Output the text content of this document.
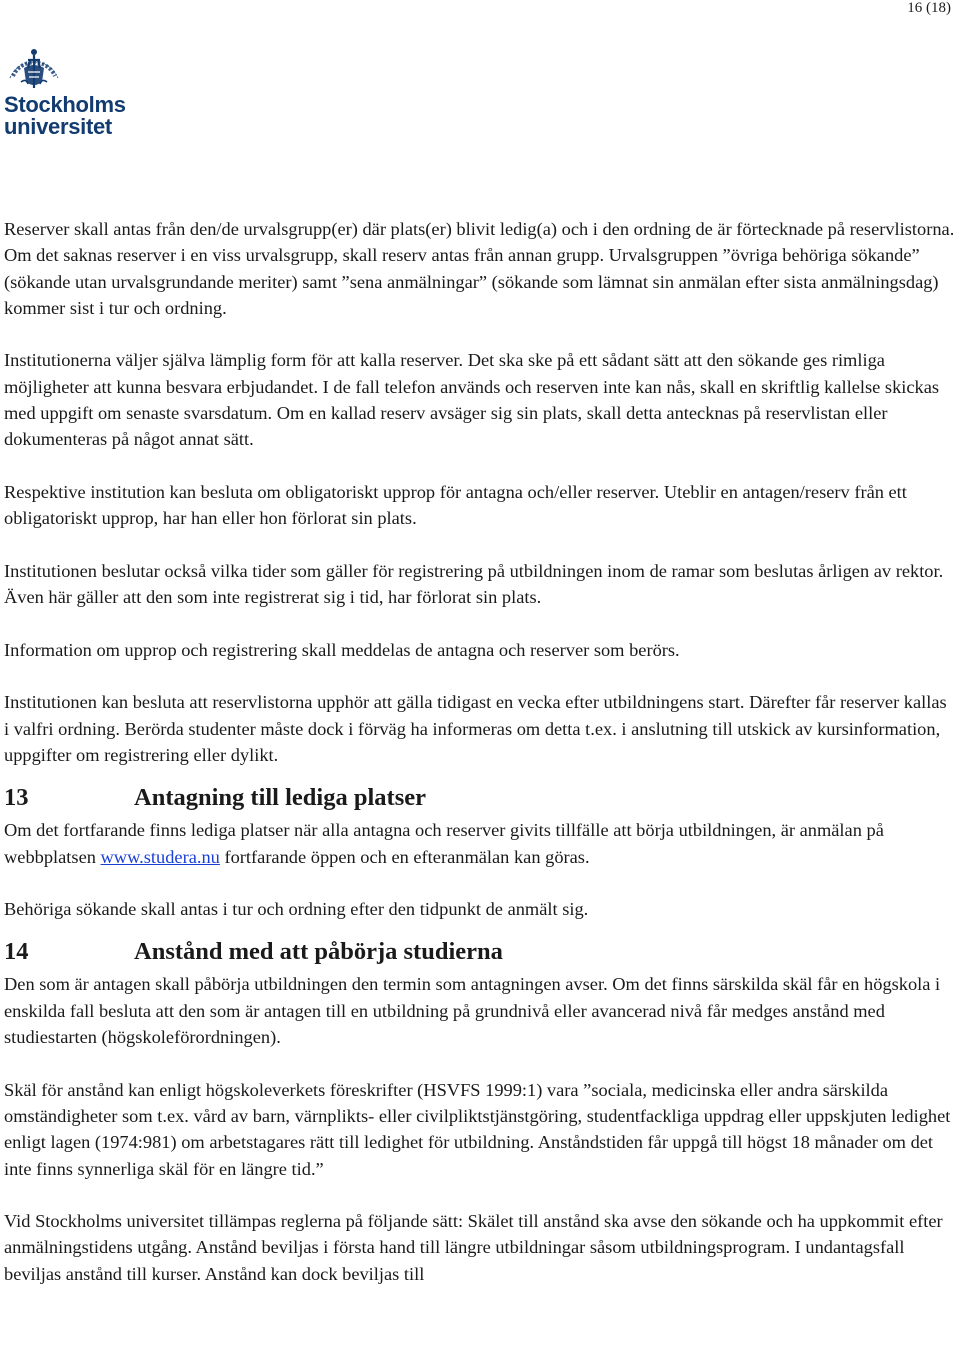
16 (18)
Stockholms
universitet

Reserver skall antas från den/de urvalsgrupp(er) där plats(er) blivit ledig(a) och i den ordning de är förtecknade på reservlistorna. Om det saknas reserver i en viss urvalsgrupp, skall reserv antas från annan grupp. Urvalsgruppen ”övriga behöriga sökande” (sökande utan urvalsgrundande meriter) samt ”sena anmälningar” (sökande som lämnat sin anmälan efter sista anmälningsdag) kommer sist i tur och ordning.

Institutionerna väljer själva lämplig form för att kalla reserver. Det ska ske på ett sådant sätt att den sökande ges rimliga möjligheter att kunna besvara erbjudandet. I de fall telefon används och reserven inte kan nås, skall en skriftlig kallelse skickas med uppgift om senaste svarsdatum. Om en kallad reserv avsäger sig sin plats, skall detta antecknas på reservlistan eller dokumenteras på något annat sätt.

Respektive institution kan besluta om obligatoriskt upprop för antagna och/eller reserver. Uteblir en antagen/reserv från ett obligatoriskt upprop, har han eller hon förlorat sin plats.

Institutionen beslutar också vilka tider som gäller för registrering på utbildningen inom de ramar som beslutas årligen av rektor. Även här gäller att den som inte registrerat sig i tid, har förlorat sin plats.

Information om upprop och registrering skall meddelas de antagna och reserver som berörs.

Institutionen kan besluta att reservlistorna upphör att gälla tidigast en vecka efter utbildningens start. Därefter får reserver kallas i valfri ordning. Berörda studenter måste dock i förväg ha informeras om detta t.ex. i anslutning till utskick av kursinformation, uppgifter om registrering eller dylikt.

13	Antagning till lediga platser

Om det fortfarande finns lediga platser när alla antagna och reserver givits tillfälle att börja utbildningen, är anmälan på webbplatsen www.studera.nu fortfarande öppen och en efteranmälan kan göras.

Behöriga sökande skall antas i tur och ordning efter den tidpunkt de anmält sig.

14	Anstånd med att påbörja studierna

Den som är antagen skall påbörja utbildningen den termin som antagningen avser. Om det finns särskilda skäl får en högskola i enskilda fall besluta att den som är antagen till en utbildning på grundnivå eller avancerad nivå får medges anstånd med studiestarten (högskoleförordningen).

Skäl för anstånd kan enligt högskoleverkets föreskrifter (HSVFS 1999:1) vara ”sociala, medicinska eller andra särskilda omständigheter som t.ex. vård av barn, värnplikts- eller civilpliktstjänstgöring, studentfackliga uppdrag eller uppskjuten ledighet enligt lagen (1974:981) om arbetstagares rätt till ledighet för utbildning. Anståndstiden får uppgå till högst 18 månader om det inte finns synnerliga skäl för en längre tid.”

Vid Stockholms universitet tillämpas reglerna på följande sätt: Skälet till anstånd ska avse den sökande och ha uppkommit efter anmälningstidens utgång. Anstånd beviljas i första hand till längre utbildningar såsom utbildningsprogram. I undantagsfall beviljas anstånd till kurser. Anstånd kan dock beviljas till
